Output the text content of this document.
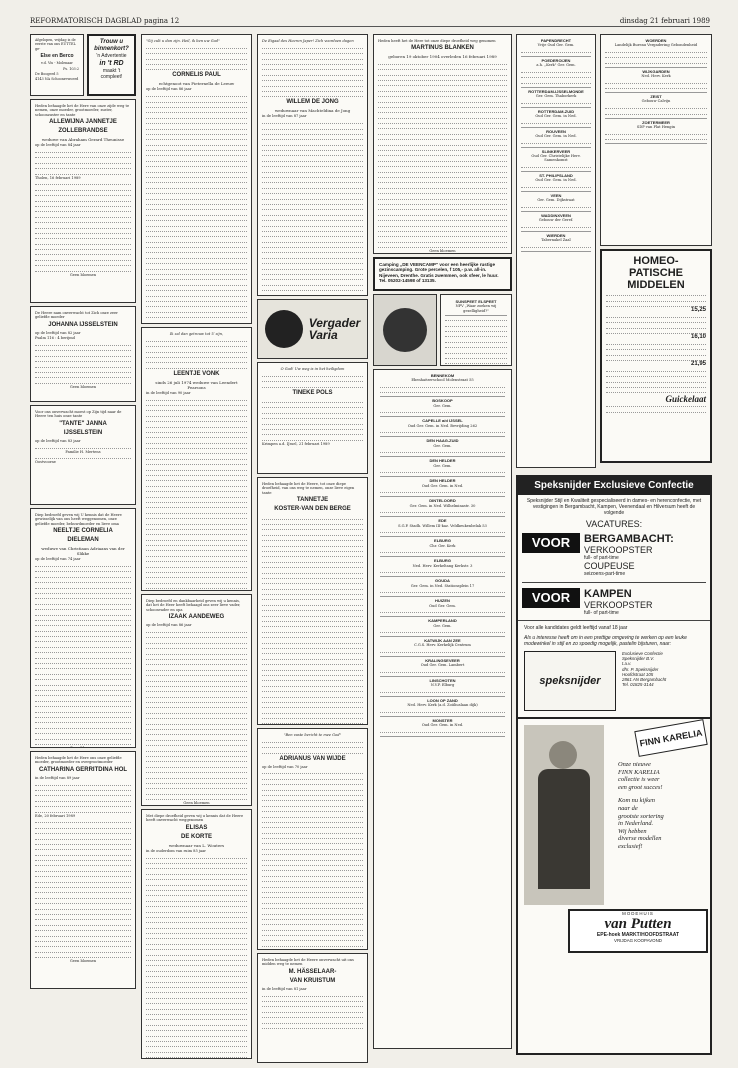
REFORMATORISCH DAGBLAD pagina 12	dinsdag 21 februari 1989
Afgelopen, vrijdag is de eerste van ons EUTTEL ge-
Else en Berco
v.d. Vis - Molenaar
Ps. 103:2
De Boogerd 5
4143 NA Schoonrewoerd
Trouw u
binnenkort?
'n Advertentie
in 't RD
maakt 't
compleet!
Heden behaagde het de Here van onze zijde weg te nemen, onze moeder, grootmoeder, zuster, schoonzuster en tante
ALLEWIJNA JANNETJE
ZOLLEBRANDSE
weduwe van Abraham Gerard Theunisse
op de leeftijd van 84 jaar
Tholen, 16 februari 1989
Geen bloemen
De Heere nam onverwacht tot Zich onze zeer geliefde moeder
JOHANNA IJSSELSTEIN
op de leeftijd van 82 jaar
Psalm 116 : 4 berijmd
Geen bloemen
Voor ons onverwacht moest op Zijn tijd naar de Heere ten huis onze tante
"TANTE" JANNA
IJSSELSTEIN
op de leeftijd van 83 jaar
Familie H. Mertens
Oostvoorne
Diep bedroefd geven wij U kennis dat de Heere gewisselijk van ons heeft weggenomen, onze geliefde moeder, behuwdmoeder en lieve oma
NEELTJE CORNELIA
DIELEMAN
weduwe van Christiaan Adriaans van der Slikke
op de leeftijd van 74 jaar
Geen bloemen
Heden behaagde het de Here ons onze geliefde moeder, grootmoeder en overgrootmoeder
CATHARINA GERRITDINA HOL
in de leeftijd van 89 jaar
Ede, 20 februari 1989
Geen bloemen
"Gij zult u dan zijn. Heil, ik ben uw God"
CORNELIS PAUL
echtgenoot van Pieternella de Leeuw
op de leeftijd van 86 jaar
Ik zal dan getrouw tot U zijn,
LEENTJE VONK
sinds 26 juli 1974 weduwe van Leendert Pearsons
in de leeftijd van 90 jaar
Diep bedroefd en dankbaarheid geven wij u kennis, dat het de Heer heeft behaagd ons zeer lieve vader, schoonvader en opa
IZAAK AANDEWEG
op de leeftijd van 86 jaar
Geen bloemen
Met diepe droefheid geven wij u kennis dat de Heere heeft onverwacht weggenomen
ELISAS
DE KORTE
weduwnaar van L. Wouters
in de ouderdom van ruim 85 jaar
De Eigaal des Heeren Japer! Zich voordoen dagen
WILLEM DE JONG
weduwnaar van Machteldina de Jong
in de leeftijd van 87 jaar
Vergader
Varia
O God! Uw weg is in het heiligdom
TINEKE POLS
Krimpen a.d. IJssel, 21 februari 1989
Heden behaagde het de Heere, tot onze diepe droefheid, van ons weg te nemen, onze lieve eigen tante
TANNETJE
KOSTER-VAN DEN BERGE
"Ben vaste bericht te mee God"
ADRIANUS VAN WIJDE
op de leeftijd van 70 jaar
Heden behaagde het de Heere onverwacht uit ons midden weg te nemen
M. HÄSSELAAR-
VAN KRUISTUM
in de leeftijd van 81 jaar
Heden heeft het de Here tot onze diepe droefheid weg genomen
MARTINUS BLANKEN
geboren 19 oktober 1904 overleden 16 februari 1989
Geen bloemen
Camping „DE VEENCAMP" voor een heerlijke rustige gezinscamping. Grote percelen, f 105,- p.w. all-in. Nijeveen, Drenthe. Gratis zwemmen, ook sfeer, le huur. Tel. 05202-14598 of 13135.
SUNSPEET ELSPEET
NPV „Waar zoeken wij gezelligheid?"
BENNEKOM
Ebenhaëzerschool Molenstraat 55
BOSKOOP
Ger. Gem.
CAPELLE a/d IJSSEL
Oud Ger. Gem. in Ned. Bevrijding 262
DEN HAAG-ZUID
Ger. Gem.
DEN HELDER
Ger. Gem.
DEN HELDER
Oud Ger. Gem. in Ned.
DINTELOORD
Ger. Gem. in Ned. Wilhelminastr. 30
EDE
S.G.P. Stadh. Willem III-kaz. Veldkeukenbelak 53
ELBURG
Chr. Ger. Kerk
ELBURG
Ned. Herv. Kerkeltang Kerkstr. 3
GOUDA
Ger. Gem. in Ned. Stationsplein 17
HUIZEN
Oud Ger. Gem.
KAMPERLAND
Ger. Gem.
KATWIJK AAN ZEE
C.G.S. Herv. Kerkelijk Centrum
KRALINGSEVEER
Oud Ger. Gem. Lambert
LINSCHOTEN
N.V.P. Elburg
LOON OP ZAND
Ned. Herv. Kerk (a.d. Zoüliuslaan dijk)
MONSTER
Oud Ger. Gem. in Ned.
PAPENDRECHT
Vrije Oud Ger. Gem.
POEDEROIJEN
a.h. „Kerk" Ger. Gem.
ROTTERDAM-IJSSELMONDE
Ger. Gem. Thaborkerk
ROTTERDAM-ZUID
Oud Ger. Gem. in Ned.
ROUVEEN
Oud Ger. Gem. in Ned.
SLINKERVEER
Oud Ger. Christelijke Herv. Samenkomst
ST. PHILIPSLAND
Oud Ger. Gem. in Ned.
VEEN
Ger. Gem. Dijkstraat
WADDINXVEEN
Gebouw der Geref.
WIERDEN
Tabernakel Zaal
WOERDEN
Landelijk Bureau Vergadering Gebondenheid
WIJKGARDEN
Ned. Herv. Kerk
ZEIST
Gebouw Calvijn
ZOETERMEER
SDP van Plat Hengin
HOMEO-
PATISCHE
MIDDELEN
15,25
16,10
21,95
Guickelaat
Speksnijder Exclusieve Confectie
Speksnijder Stijl en Kwaliteit gespecialiseerd in dames- en herenconfectie, met vestigingen in Bergambacht, Kampen, Veenendaal en Hilversum heeft de volgende
VACATURES:
VOOR	BERGAMBACHT:
VERKOOPSTER
full- of part-time
COUPEUSE
seizoens-part-time
VOOR	KAMPEN
VERKOOPSTER
full- of part-time
Voor alle kandidates geldt leeftijd vanaf 18 jaar
Als u interesse heeft om in een prettige omgeving te werken op een leuke modewinkel in stijl en zo spoedig mogelijk, pastelin bijsturen, naar:
speksnijder
Exclusieve Confectie
Speksnijder B.V.
t.a.v.
dhr. P. Speksnijder
Hoofdstraat 105
2861 AN Bergambacht
Tel. 01825-3144
FINN KARELIA
Onze nieuwe
FINN KARELIA
collectie is weer
een groot succes!
Kom nu kijken
naar de
grootste sortering
in Nederland.
Wij hebben
diverse modellen
exclusief!
MODEHUIS
van Putten
EPE-hoek MARKT/HOOFDSTRAAT
VRIJDAG KOOPAVOND
